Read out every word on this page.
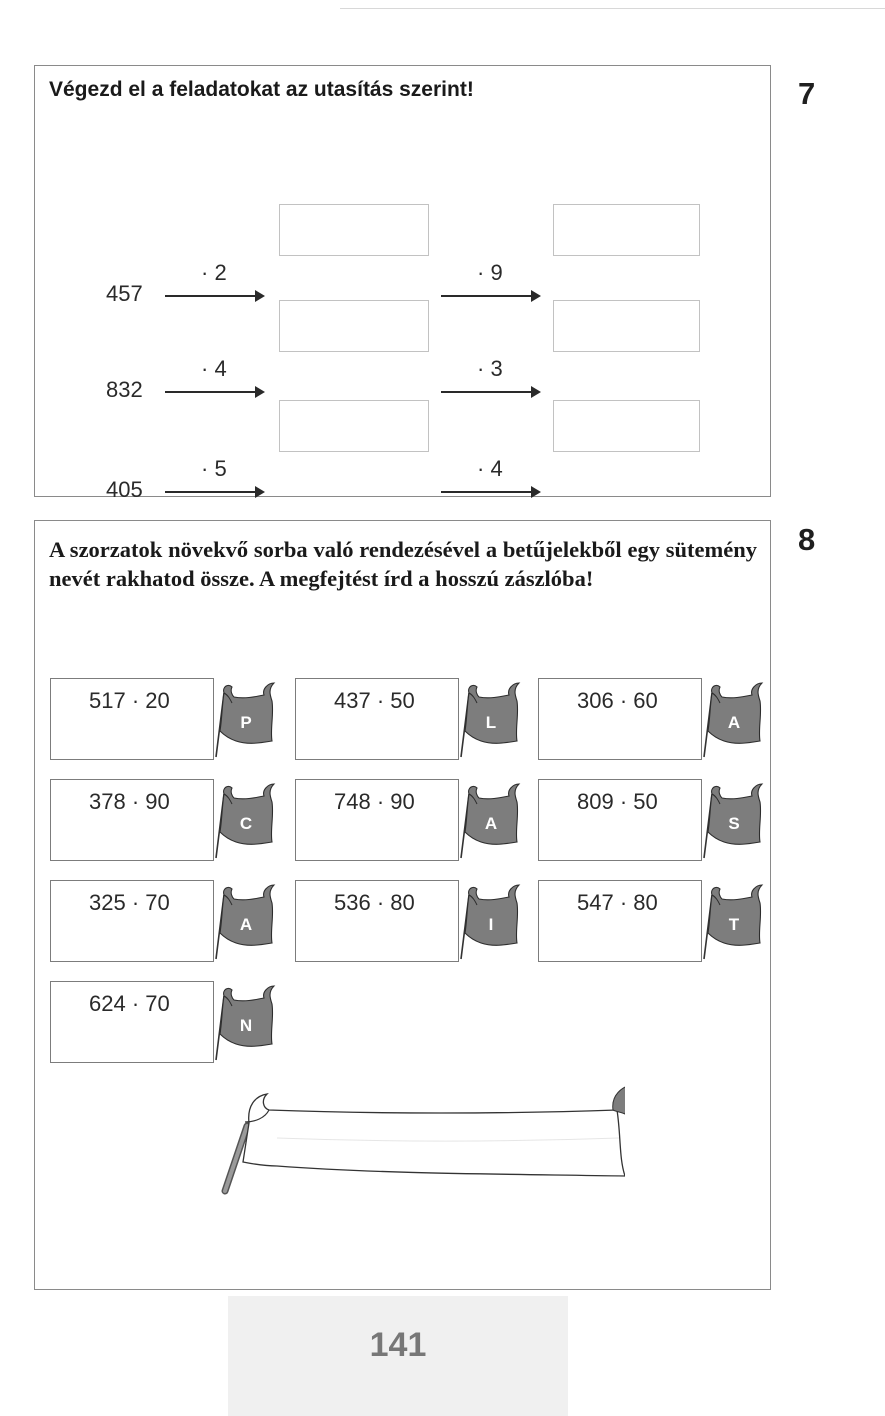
Végezd el a feladatokat az utasítás szerint!
457
· 2	· 9
832
· 4	· 3
405
· 5	· 4
7
A szorzatok növekvő sorba való rendezésével a betűjelekből egy sütemény nevét rakhatod össze. A megfejtést írd a hosszú zászlóba!
517 · 20
P
437 · 50
L
306 · 60
A
378 · 90
C
748 · 90
A
809 · 50
S
325 · 70
A
536 · 80
I
547 · 80
T
624 · 70
N
8
141
